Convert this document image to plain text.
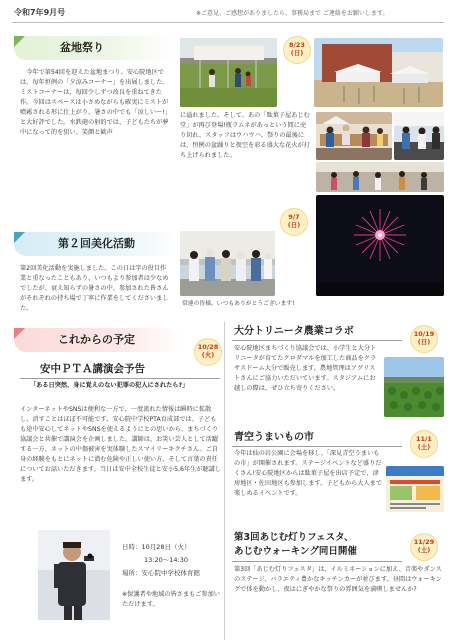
令和7年9月号	※ご意見、ご感想がありましたら、事務局まで ご連絡をお願いします。
盆地祭り
今年で第54回を迎えた盆地まつり。安心院地区では、毎年恒例の「夕涼みコーナー」を出展しました。ミストコーナーは、毎回少しずつ改良を重ねてきた作。今回はスペースは小さめながらも確実にミストが噴霧される形に仕上がり、暑さの中でも「涼しい～!」と大好評でした。水鉄砲の射的では、子どもたちが夢中になって的を狙い、笑顔と歓声
8/23
(日)
に溢れました。そして、あの「駄菓子屋あじむ堂」が再び登場!瓶ラムネがあっという間に売り切れ、スタッフはウハウハ。祭りの最後には、恒例の盆踊りと夜空を彩る盛大な花火が打ち上げられました。
第２回美化活動
第2回美化活動を実施しました。この日は字の役目作業と重なったこともあり、いつもより参加者は少なめでしたが、衰え知らずの暑さの中、参加された皆さんがそれぞれの持ち場で丁寧に作業をしてくださいました。
9/7
(日)
常連の皆様、いつもありがとうございます!
これからの予定
10/28
(火)
安中ＰＴＡ講演会予告
「ある日突然、身に覚えのない犯罪の犯人にされたら?」
インターネットやSNSは便利な一方で、一度流れた情報は瞬時に拡散し、消すことはほぼ不可能です。安心院中学校PTA育成部では、子どもも途中安心してネットやSNSを使えるようにとの思いから、まちづくり協議会と共催で講演会を企画しました。講師は、お笑い芸人として活躍する一方、ネットの中傷被害を実体験したスマイリーキクチさん。ご自身の経験をもとにネットに潜む危険や正しい使い方、そして言葉の責任についてお話いただきます。当日は安中全校生徒と安小5,6年生が聴講します。
日時：10月28日（火）
13:20～14:30
場所：安心院中学校体育館
※保護者や地域の皆さまもご参加いただけます。
大分トリニータ農業コラボ	10/19
(日)
安心院地区まちづくり協議会では、小学生と大分トリニータが育てたクロダマルを加工した商品をクラサスドーム大分で販売します。農地管理はアグリストさんにご協力いただいています。スタジアムにお越しの際は、ぜひ立ち寄りください。
青空うまいもの市	11/1
(土)
今年は仙の岩公園に会場を移し、「深見青空うまいもの市」が開催されます。ステージイベントなど盛りだくさん!安心院地区からは駄菓子屋を出店予定で、津房地区・佐田地区も参加します。子どもから大人まで楽しめるイベントです。
第3回あじむ灯りフェスタ、
あじむウォーキング同日開催
11/29
(土)
第3回「あじむ灯りフェスタ」は、イルミネーションに加え、音楽やダンスのステージ、バラエティ豊かなキッチンカーが並びます。昼間はウォーキングで体を動かし、夜はにぎやかな祭りの雰囲気を満喫しませんか?
